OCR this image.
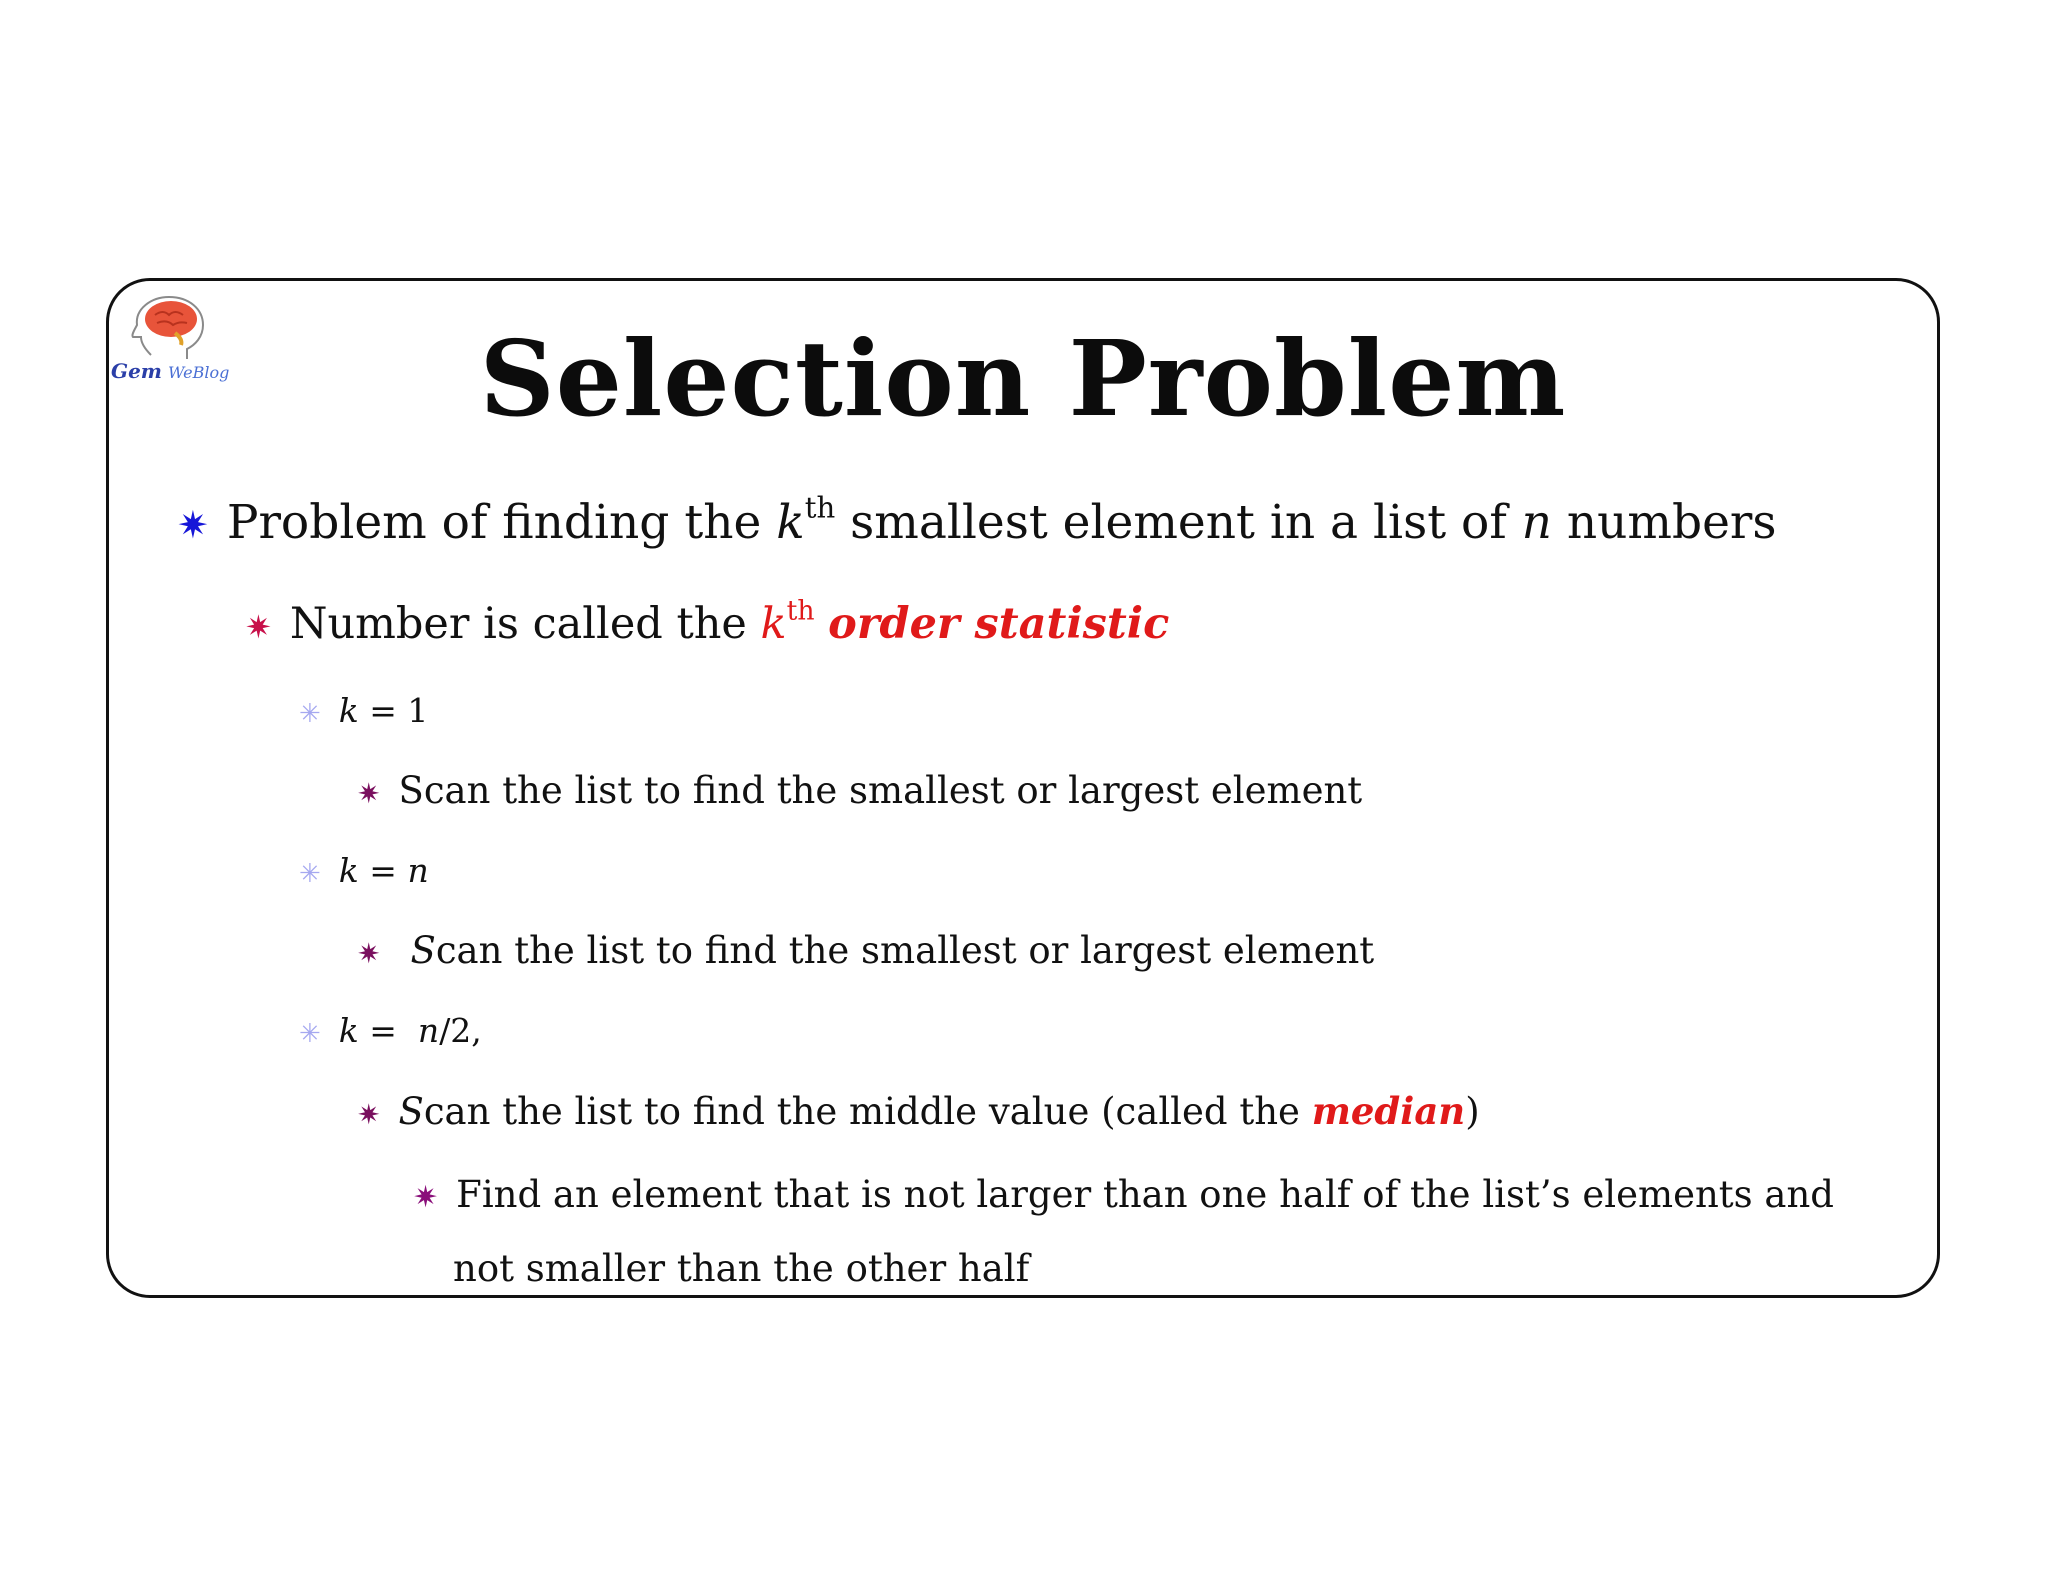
Gem WeBlog	Selection Problem
✷ Problem of finding the $k^{th}$ smallest element in a list of n numbers
✷ Number is called the $k^{th}$ order statistic
✳ k = 1
✷ Scan the list to find the smallest or largest element
✳ k = n
✷ Scan the list to find the smallest or largest element
✳ k =  n/2,
✷ Scan the list to find the middle value (called the median)
✷ Find an element that is not larger than one half of the list’s elements and
not smaller than the other half
